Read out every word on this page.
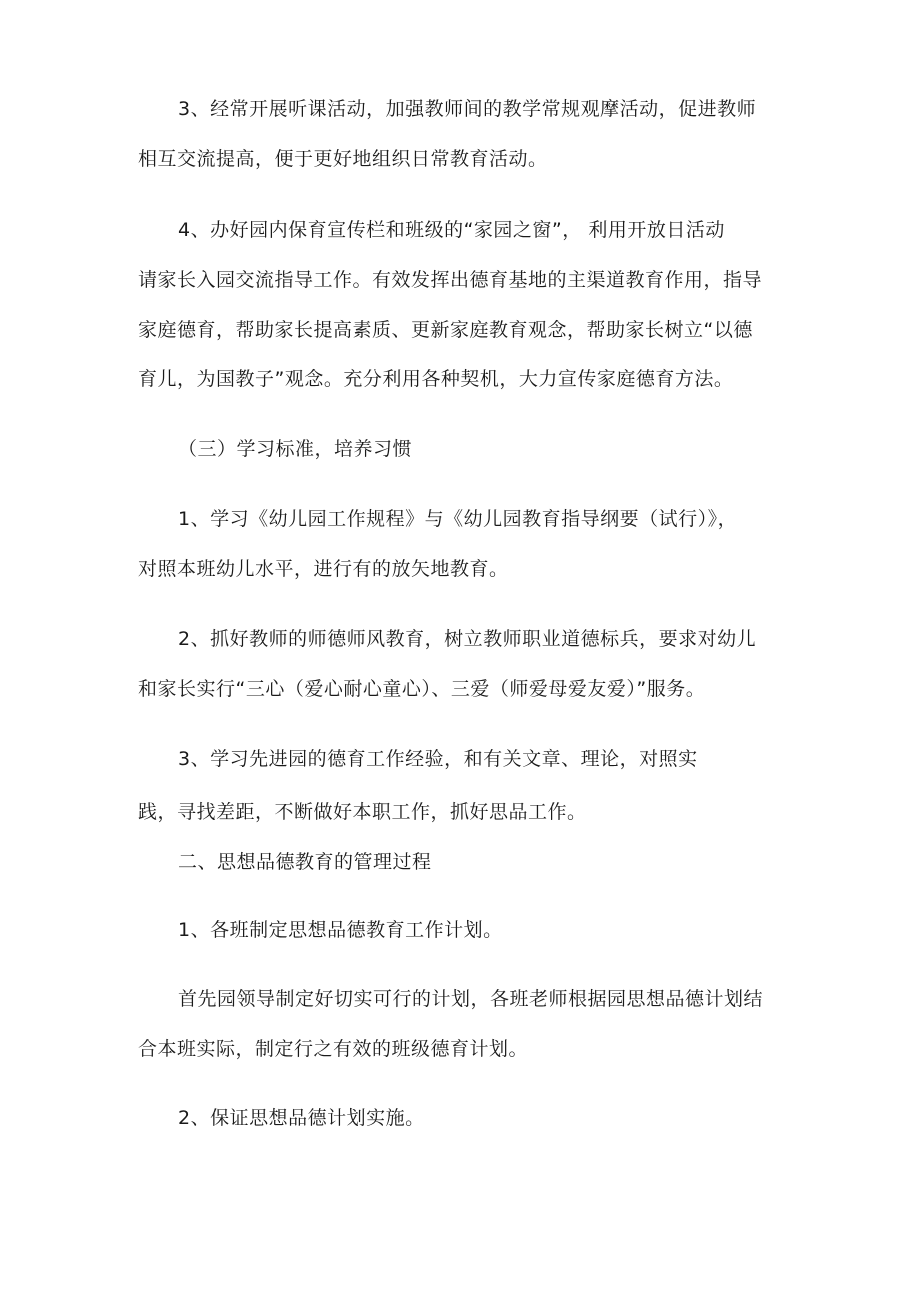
3、经常开展听课活动，加强教师间的教学常规观摩活动，促进教师
相互交流提高，便于更好地组织日常教育活动。
4、办好园内保育宣传栏和班级的“家园之窗”， 利用开放日活动
请家长入园交流指导工作。有效发挥出德育基地的主渠道教育作用，指导
家庭德育，帮助家长提高素质、更新家庭教育观念，帮助家长树立“以德
育儿，为国教子”观念。充分利用各种契机，大力宣传家庭德育方法。
（三）学习标准，培养习惯
1、学习《幼儿园工作规程》与《幼儿园教育指导纲要（试行）》，
对照本班幼儿水平，进行有的放矢地教育。
2、抓好教师的师德师风教育，树立教师职业道德标兵，要求对幼儿
和家长实行“三心（爱心耐心童心）、三爱（师爱母爱友爱）”服务。
3、学习先进园的德育工作经验，和有关文章、理论，对照实
践，寻找差距，不断做好本职工作，抓好思品工作。
二、思想品德教育的管理过程
1、各班制定思想品德教育工作计划。
首先园领导制定好切实可行的计划，各班老师根据园思想品德计划结
合本班实际，制定行之有效的班级德育计划。
2、保证思想品德计划实施。
